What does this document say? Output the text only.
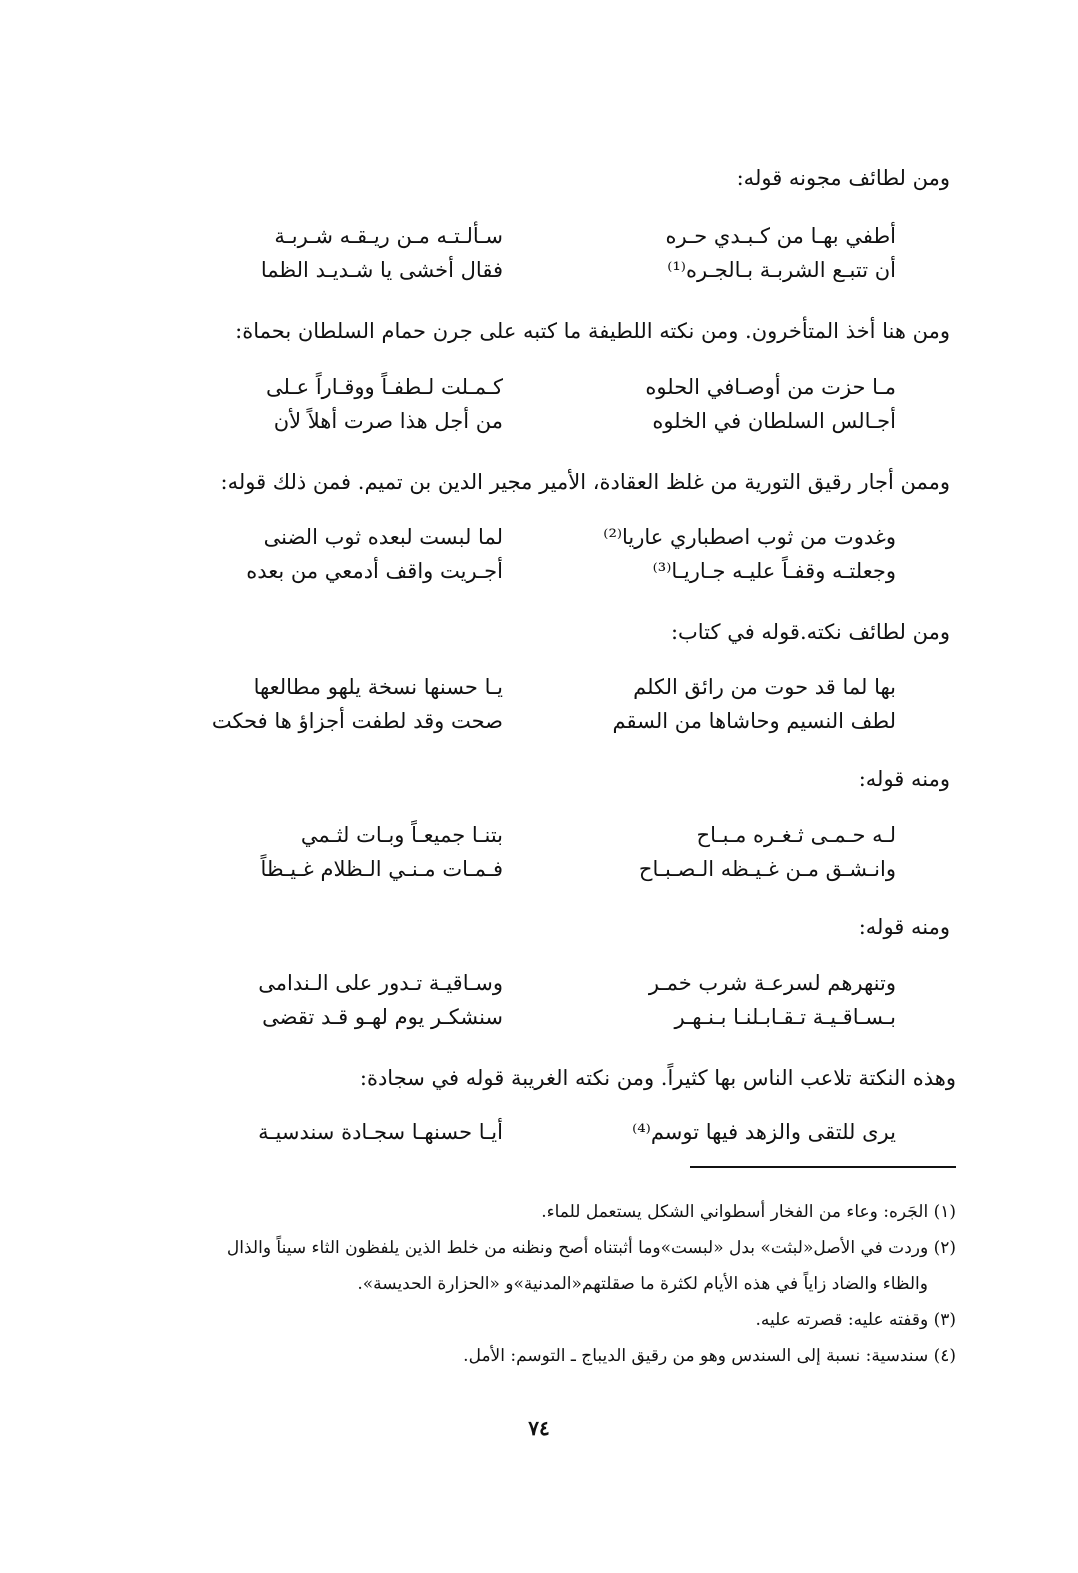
ومن لطائف مجونه قوله:
سـألـتـه مـن ريـقـه شـربـة	أطفي بهـا من كـبـدي حـره
فقال أخشى يا شـديـد الظما	أن تتبـع الشربـة بـالجـره⁽¹⁾
ومن هنا أخذ المتأخرون. ومن نكته اللطيفة ما كتبه على جرن حمام السلطان بحماة:
كـمـلت لـطفـاً ووقـاراً عـلى	مـا حزت من أوصـافي الحلوه
من أجل هذا صرت أهلاً لأن	أجـالس السلطان في الخلوه
وممن أجار رقيق التورية من غلظ العقادة، الأمير مجير الدين بن تميم. فمن ذلك قوله:
لما لبست لبعده ثوب الضنى	وغدوت من ثوب اصطباري عاريا⁽²⁾
أجـريت واقف أدمعي من بعده	وجعلتـه وقفـاً عليـه جـاريـا⁽³⁾
ومن لطائف نكته.قوله في كتاب:
يـا حسنها نسخة يلهو مطالعها	بها لما قد حوت من رائق الكلم
صحت وقد لطفت أجزاؤ ها فحكت	لطف النسيم وحاشاها من السقم
ومنه قوله:
بتنـا جميعـاً وبـات لثـمي	لـه حـمـى ثـغـره مـبـاح
فـمـات مـنـي الـظلام غـيـظاً	وانـشـق مـن غـيـظه الـصـبـاح
ومنه قوله:
وسـاقيـة تـدور على الـندامى	وتنهرهم لسرعـة شرب خمـر
سنشكـر يوم لهـو قـد تقضى	بـسـاقـيـة تـقـابـلنـا بـنـهـر
وهذه النكتة تلاعب الناس بها كثيراً. ومن نكته الغريبة قوله في سجادة:
أيـا حسنهـا سجـادة سندسيـة	يرى للتقى والزهد فيها توسم⁽⁴⁾
(١) الجَره: وعاء من الفخار أسطواني الشكل يستعمل للماء.
(٢) وردت في الأصل«لبثت» بدل «لبست»وما أثبتناه أصح ونظنه من خلط الذين يلفظون الثاء سيناً والذال
والظاء والضاد زاياً في هذه الأيام لكثرة ما صقلتهم«المدنية»و «الحزارة الحديسة».
(٣) وقفته عليه: قصرته عليه.
(٤) سندسية: نسبة إلى السندس وهو من رقيق الديباج ـ التوسم: الأمل.
٧٤
